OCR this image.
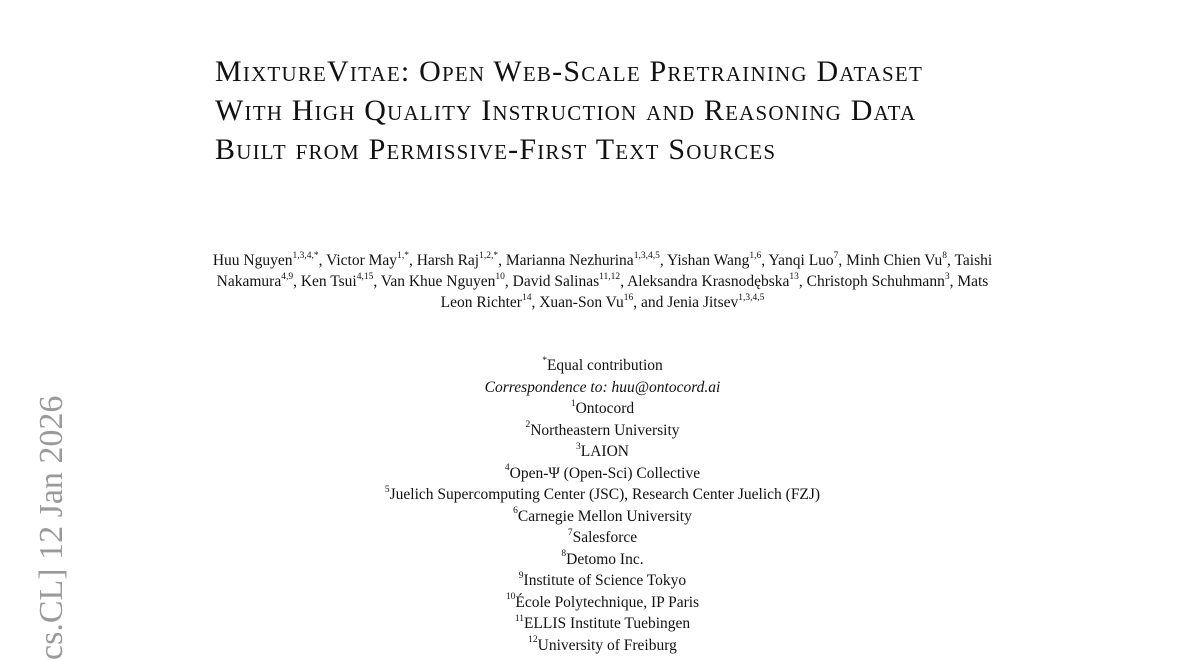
cs.CL] 12 Jan 2026
MixtureVitae: Open Web-Scale Pretraining Dataset With High Quality Instruction and Reasoning Data Built from Permissive-First Text Sources
Huu Nguyen$^{1,3,4,*}$, Victor May$^{1,*}$, Harsh Raj$^{1,2,*}$, Marianna Nezhurina$^{1,3,4,5}$, Yishan Wang$^{1,6}$, Yanqi Luo$^7$, Minh Chien Vu$^8$, Taishi Nakamura$^{4,9}$, Ken Tsui$^{4,15}$, Van Khue Nguyen$^{10}$, David Salinas$^{11,12}$, Aleksandra Krasnodębska$^{13}$, Christoph Schuhmann$^3$, Mats Leon Richter$^{14}$, Xuan-Son Vu$^{16}$, and Jenia Jitsev$^{1,3,4,5}$
*Equal contribution
Correspondence to: huu@ontocord.ai
$^1$Ontocord
$^2$Northeastern University
$^3$LAION
$^4$Open-Ψ (Open-Sci) Collective
$^5$Juelich Supercomputing Center (JSC), Research Center Juelich (FZJ)
$^6$Carnegie Mellon University
$^7$Salesforce
$^8$Detomo Inc.
$^9$Institute of Science Tokyo
$^{10}$École Polytechnique, IP Paris
$^{11}$ELLIS Institute Tuebingen
$^{12}$University of Freiburg
